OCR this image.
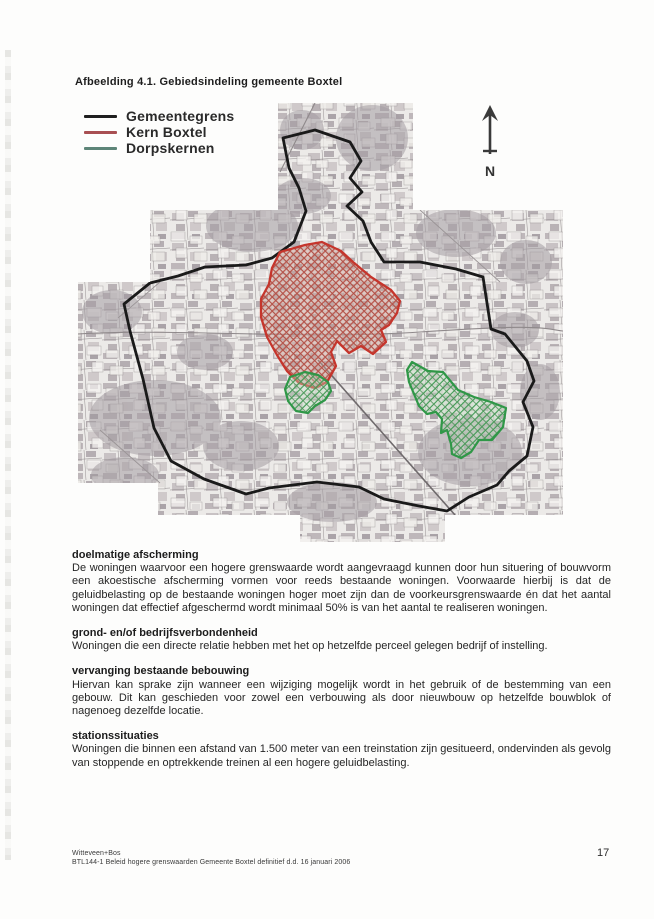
Afbeelding 4.1. Gebiedsindeling gemeente Boxtel
Gemeentegrens
Kern Boxtel
Dorpskernen
N
doelmatige afscherming

De woningen waarvoor een hogere grenswaarde wordt aangevraagd kunnen door hun situering of bouwvorm een akoestische afscherming vormen voor reeds bestaande woningen. Voorwaarde hierbij is dat de geluidbelasting op de bestaande woningen hoger moet zijn dan de voorkeursgrenswaarde én dat het aantal woningen dat effectief afgeschermd wordt minimaal 50% is van het aantal te realiseren woningen.

grond- en/of bedrijfsverbondenheid

Woningen die een directe relatie hebben met het op hetzelfde perceel gelegen bedrijf of instelling.

vervanging bestaande bebouwing

Hiervan kan sprake zijn wanneer een wijziging mogelijk wordt in het gebruik of de bestemming van een gebouw. Dit kan geschieden voor zowel een verbouwing als door nieuwbouw op hetzelfde bouwblok of nagenoeg dezelfde locatie.

stationssituaties

Woningen die binnen een afstand van 1.500 meter van een treinstation zijn gesitueerd, ondervinden als gevolg van stoppende en optrekkende treinen al een hogere geluidbelasting.

Witteveen+Bos
BTL144-1 Beleid hogere grenswaarden Gemeente Boxtel definitief d.d. 16 januari 2006
17
